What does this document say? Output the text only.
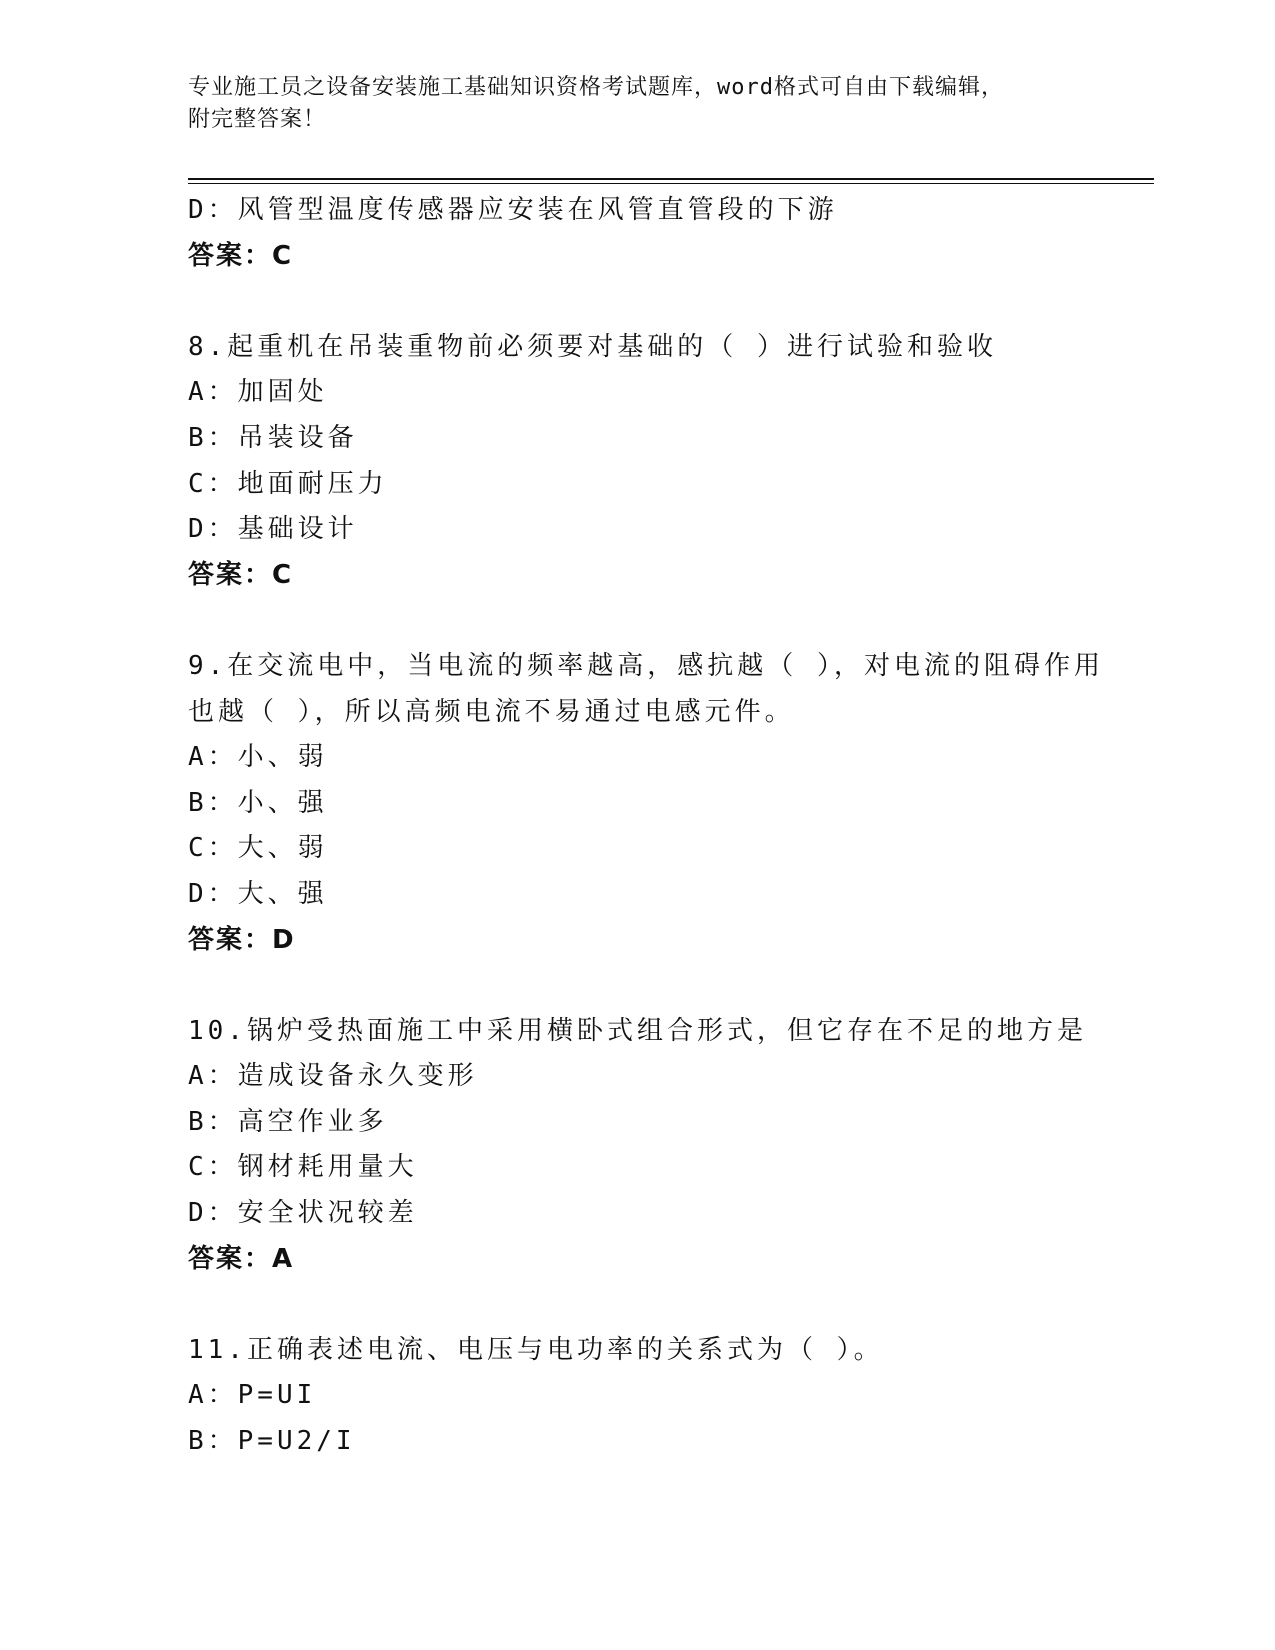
专业施工员之设备安装施工基础知识资格考试题库，word格式可自由下载编辑，
附完整答案！
D：风管型温度传感器应安装在风管直管段的下游
答案：C
8.起重机在吊装重物前必须要对基础的（ ）进行试验和验收
A：加固处
B：吊装设备
C：地面耐压力
D：基础设计
答案：C
9.在交流电中，当电流的频率越高，感抗越（ ），对电流的阻碍作用
也越（ ），所以高频电流不易通过电感元件。
A：小、弱
B：小、强
C：大、弱
D：大、强
答案：D
10.锅炉受热面施工中采用横卧式组合形式，但它存在不足的地方是
A：造成设备永久变形
B：高空作业多
C：钢材耗用量大
D：安全状况较差
答案：A
11.正确表述电流、电压与电功率的关系式为（ ）。
A：P=UI
B：P=U2/I
